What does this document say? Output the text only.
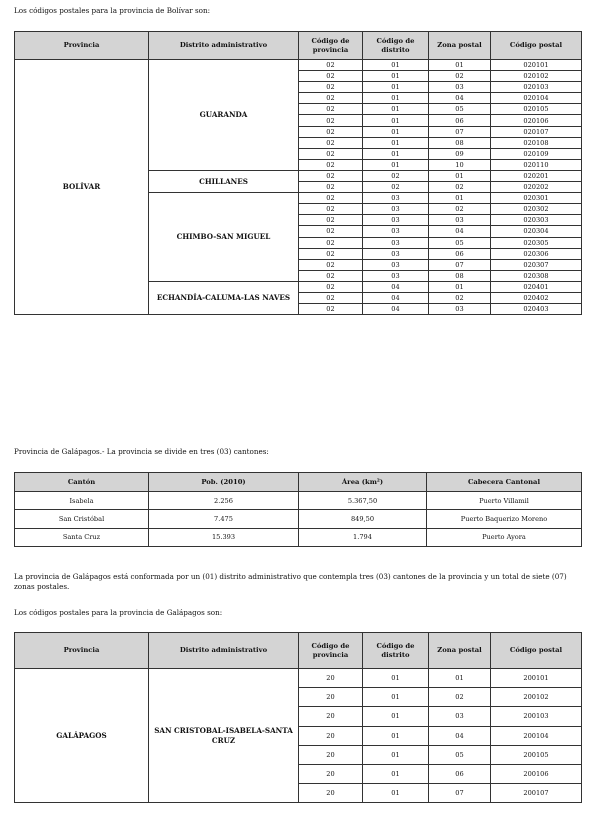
Los códigos postales para la provincia de Bolívar son:
Provincia	Distrito administrativo	Código de provincia	Código de distrito	Zona postal	Código postal
BOLÍVAR	GUARANDA	02	01	01	020101
		02	01	02	020102
		02	01	03	020103
		02	01	04	020104
		02	01	05	020105
		02	01	06	020106
		02	01	07	020107
		02	01	08	020108
		02	01	09	020109
		02	01	10	020110
	CHILLANES	02	02	01	020201
		02	02	02	020202
	CHIMBO-SAN MIGUEL	02	03	01	020301
		02	03	02	020302
		02	03	03	020303
		02	03	04	020304
		02	03	05	020305
		02	03	06	020306
		02	03	07	020307
		02	03	08	020308
	ECHANDÍA-CALUMA-LAS NAVES	02	04	01	020401
		02	04	02	020402
		02	04	03	020403
Provincia de Galápagos.- La provincia se divide en tres (03) cantones:
Cantón	Pob. (2010)	Área (km²)	Cabecera Cantonal
Isabela	2.256	5.367,50	Puerto Villamil
San Cristóbal	7.475	849,50	Puerto Baquerizo Moreno
Santa Cruz	15.393	1.794	Puerto Ayora
La provincia de Galápagos está conformada por un (01) distrito administrativo que contempla tres (03) cantones de la provincia y un total de siete (07) zonas postales.
Los códigos postales para la provincia de Galápagos son:
Provincia	Distrito administrativo	Código de provincia	Código de distrito	Zona postal	Código postal
GALÁPAGOS	SAN CRISTOBAL-ISABELA-SANTA CRUZ	20	01	01	200101
		20	01	02	200102
		20	01	03	200103
		20	01	04	200104
		20	01	05	200105
		20	01	06	200106
		20	01	07	200107
